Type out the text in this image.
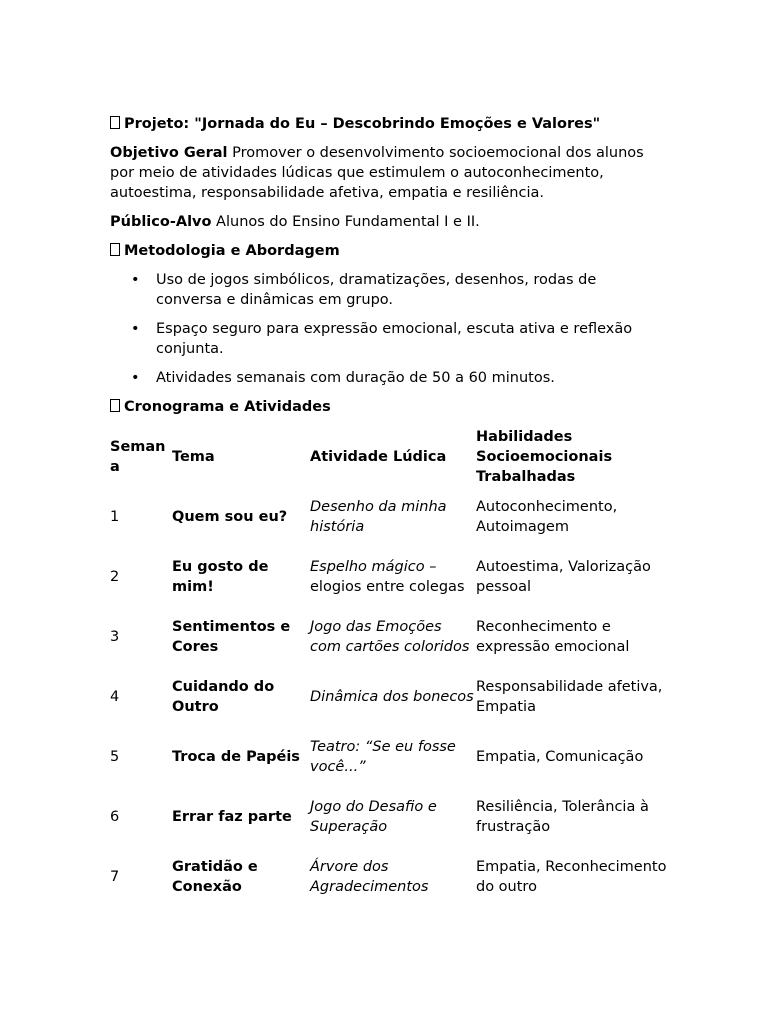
Projeto: "Jornada do Eu – Descobrindo Emoções e Valores"

Objetivo Geral Promover o desenvolvimento socioemocional dos alunos por meio de atividades lúdicas que estimulem o autoconhecimento, autoestima, responsabilidade afetiva, empatia e resiliência.

Público-Alvo Alunos do Ensino Fundamental I e II.

Metodologia e Abordagem

• Uso de jogos simbólicos, dramatizações, desenhos, rodas de conversa e dinâmicas em grupo.
• Espaço seguro para expressão emocional, escuta ativa e reflexão conjunta.
• Atividades semanais com duração de 50 a 60 minutos.

Cronograma e Atividades

Semana	Tema	Atividade Lúdica	Habilidades Socioemocionais Trabalhadas
1	Quem sou eu?	Desenho da minha história	Autoconhecimento, Autoimagem
2	Eu gosto de mim!	Espelho mágico – elogios entre colegas	Autoestima, Valorização pessoal
3	Sentimentos e Cores	Jogo das Emoções com cartões coloridos	Reconhecimento e expressão emocional
4	Cuidando do Outro	Dinâmica dos bonecos	Responsabilidade afetiva, Empatia
5	Troca de Papéis	Teatro: “Se eu fosse você...”	Empatia, Comunicação
6	Errar faz parte	Jogo do Desafio e Superação	Resiliência, Tolerância à frustração
7	Gratidão e Conexão	Árvore dos Agradecimentos	Empatia, Reconhecimento do outro
